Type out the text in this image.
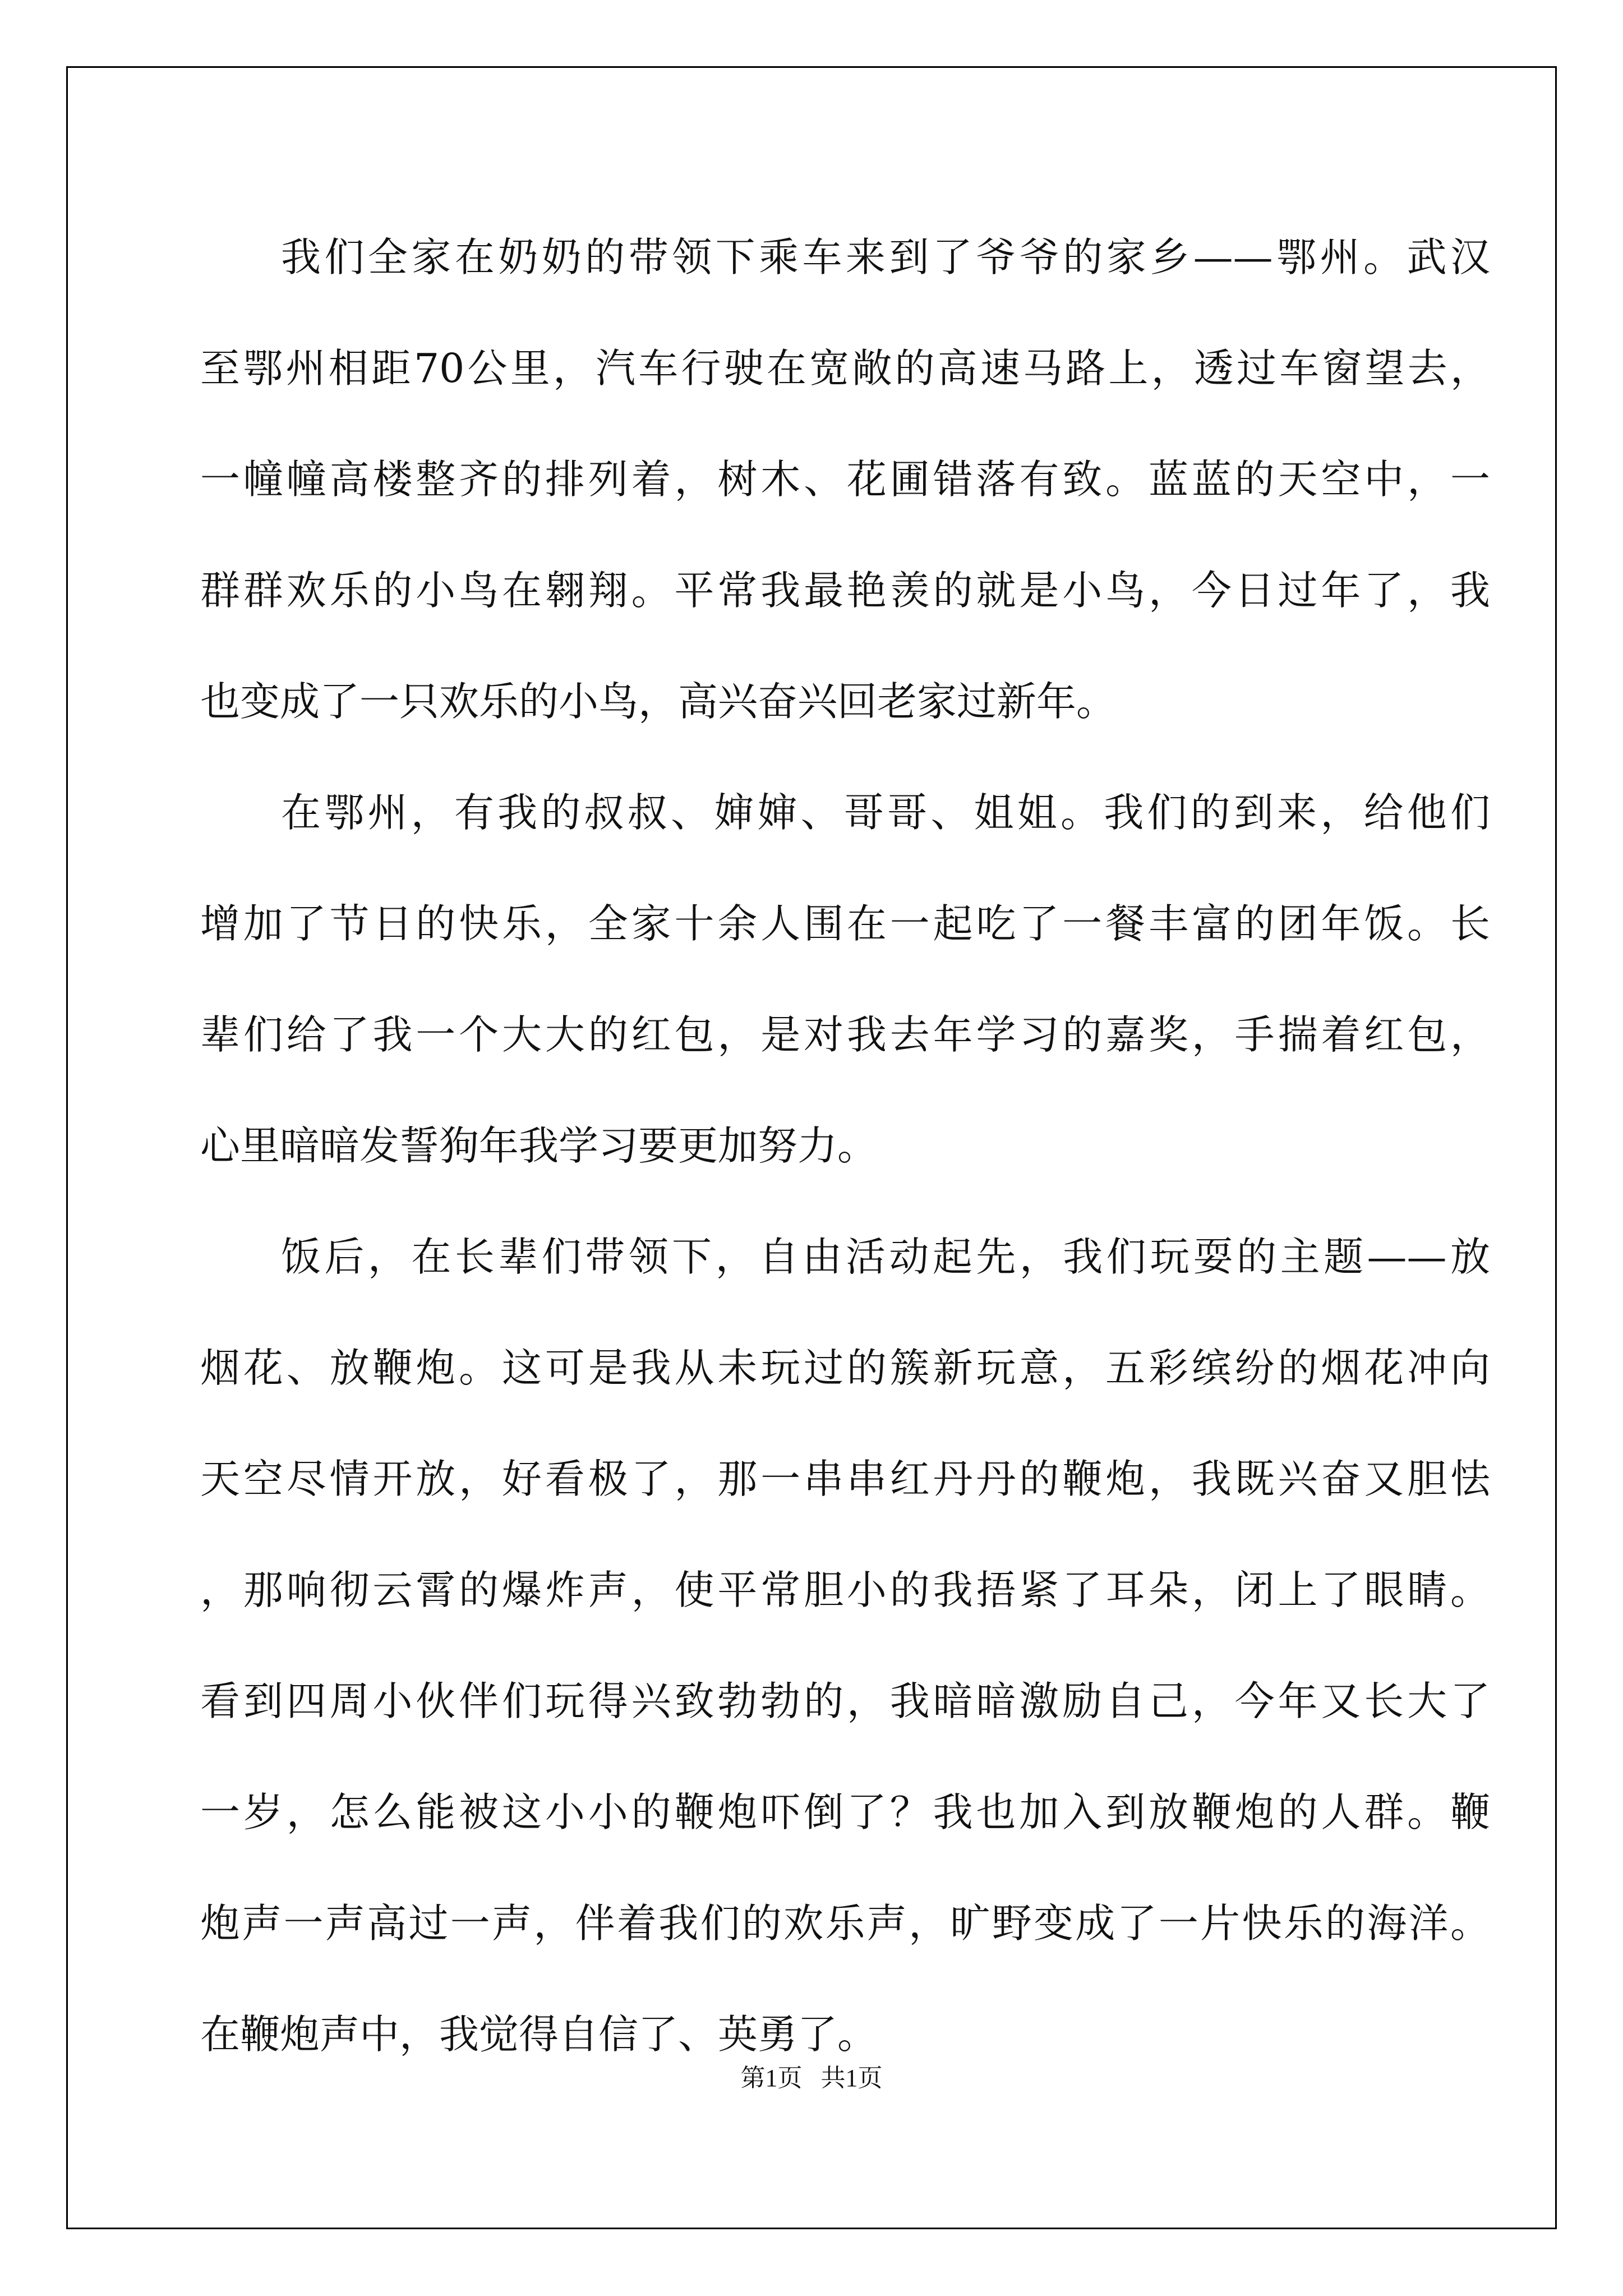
我们全家在奶奶的带领下乘车来到了爷爷的家乡——鄂州。武汉
至鄂州相距70公里，汽车行驶在宽敞的高速马路上，透过车窗望去，
一幢幢高楼整齐的排列着，树木、花圃错落有致。蓝蓝的天空中，一
群群欢乐的小鸟在翱翔。平常我最艳羡的就是小鸟，今日过年了，我
也变成了一只欢乐的小鸟，高兴奋兴回老家过新年。

在鄂州，有我的叔叔、婶婶、哥哥、姐姐。我们的到来，给他们
增加了节日的快乐，全家十余人围在一起吃了一餐丰富的团年饭。长
辈们给了我一个大大的红包，是对我去年学习的嘉奖，手揣着红包，
心里暗暗发誓狗年我学习要更加努力。

饭后，在长辈们带领下，自由活动起先，我们玩耍的主题——放
烟花、放鞭炮。这可是我从未玩过的簇新玩意，五彩缤纷的烟花冲向
天空尽情开放，好看极了，那一串串红丹丹的鞭炮，我既兴奋又胆怯
，那响彻云霄的爆炸声，使平常胆小的我捂紧了耳朵，闭上了眼睛。
看到四周小伙伴们玩得兴致勃勃的，我暗暗激励自己，今年又长大了
一岁，怎么能被这小小的鞭炮吓倒了？我也加入到放鞭炮的人群。鞭
炮声一声高过一声，伴着我们的欢乐声，旷野变成了一片快乐的海洋。
在鞭炮声中，我觉得自信了、英勇了。

第1页 共1页
